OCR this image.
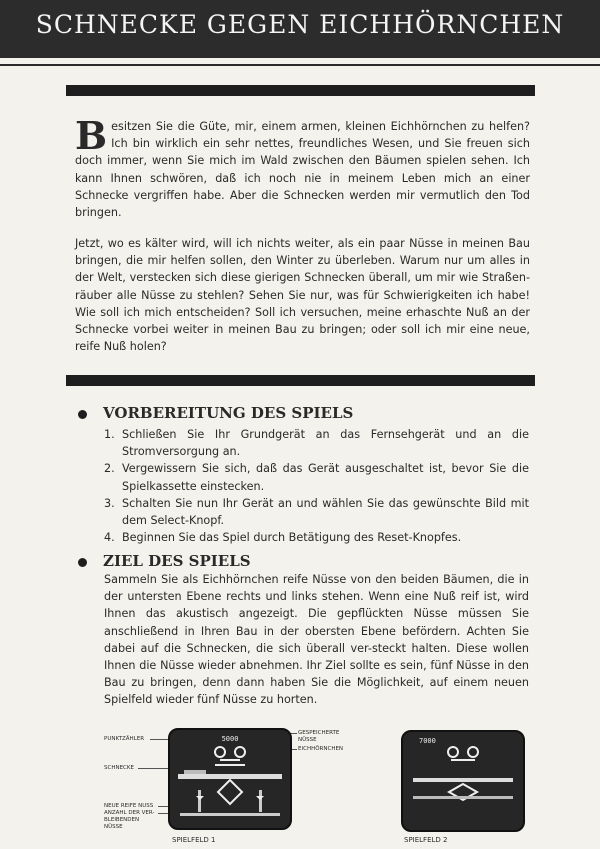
SCHNECKE GEGEN EICHHÖRNCHEN

Besitzen Sie die Güte, mir, einem armen, kleinen Eichhörnchen zu helfen? Ich bin wirklich ein sehr nettes, freundliches Wesen, und Sie freuen sich doch immer, wenn Sie mich im Wald zwischen den Bäumen spielen sehen. Ich kann Ihnen schwören, daß ich noch nie in meinem Leben mich an einer Schnecke vergriffen habe. Aber die Schnecken werden mir vermutlich den Tod bringen.

Jetzt, wo es kälter wird, will ich nichts weiter, als ein paar Nüsse in meinen Bau bringen, die mir helfen sollen, den Winter zu überleben. Warum nur um alles in der Welt, verstecken sich diese gierigen Schnecken überall, um mir wie Straßen-räuber alle Nüsse zu stehlen? Sehen Sie nur, was für Schwierigkeiten ich habe! Wie soll ich mich entscheiden? Soll ich versuchen, meine erhaschte Nuß an der Schnecke vorbei weiter in meinen Bau zu bringen; oder soll ich mir eine neue, reife Nuß holen?

VORBEREITUNG DES SPIELS
1. Schließen Sie Ihr Grundgerät an das Fernsehgerät und an die Stromversorgung an.
2. Vergewissern Sie sich, daß das Gerät ausgeschaltet ist, bevor Sie die Spielkassette einstecken.
3. Schalten Sie nun Ihr Gerät an und wählen Sie das gewünschte Bild mit dem Select-Knopf.
4. Beginnen Sie das Spiel durch Betätigung des Reset-Knopfes.
ZIEL DES SPIELS

Sammeln Sie als Eichhörnchen reife Nüsse von den beiden Bäumen, die in der untersten Ebene rechts und links stehen. Wenn eine Nuß reif ist, wird Ihnen das akustisch angezeigt. Die gepflückten Nüsse müssen Sie anschließend in Ihren Bau in der obersten Ebene befördern. Achten Sie dabei auf die Schnecken, die sich überall ver-steckt halten. Diese wollen Ihnen die Nüsse wieder abnehmen. Ihr Ziel sollte es sein, fünf Nüsse in den Bau zu bringen, denn dann haben Sie die Möglichkeit, auf einem neuen Spielfeld wieder fünf Nüsse zu horten.

PUNKTZÄHLER
SCHNECKE
NEUE REIFE NUSS
ANZAHL DER VER-
BLEIBENDEN
NÜSSE
GESPEICHERTE
NÜSSE
EICHHÖRNCHEN
5000
SPIELFELD 1
7000
SPIELFELD 2
